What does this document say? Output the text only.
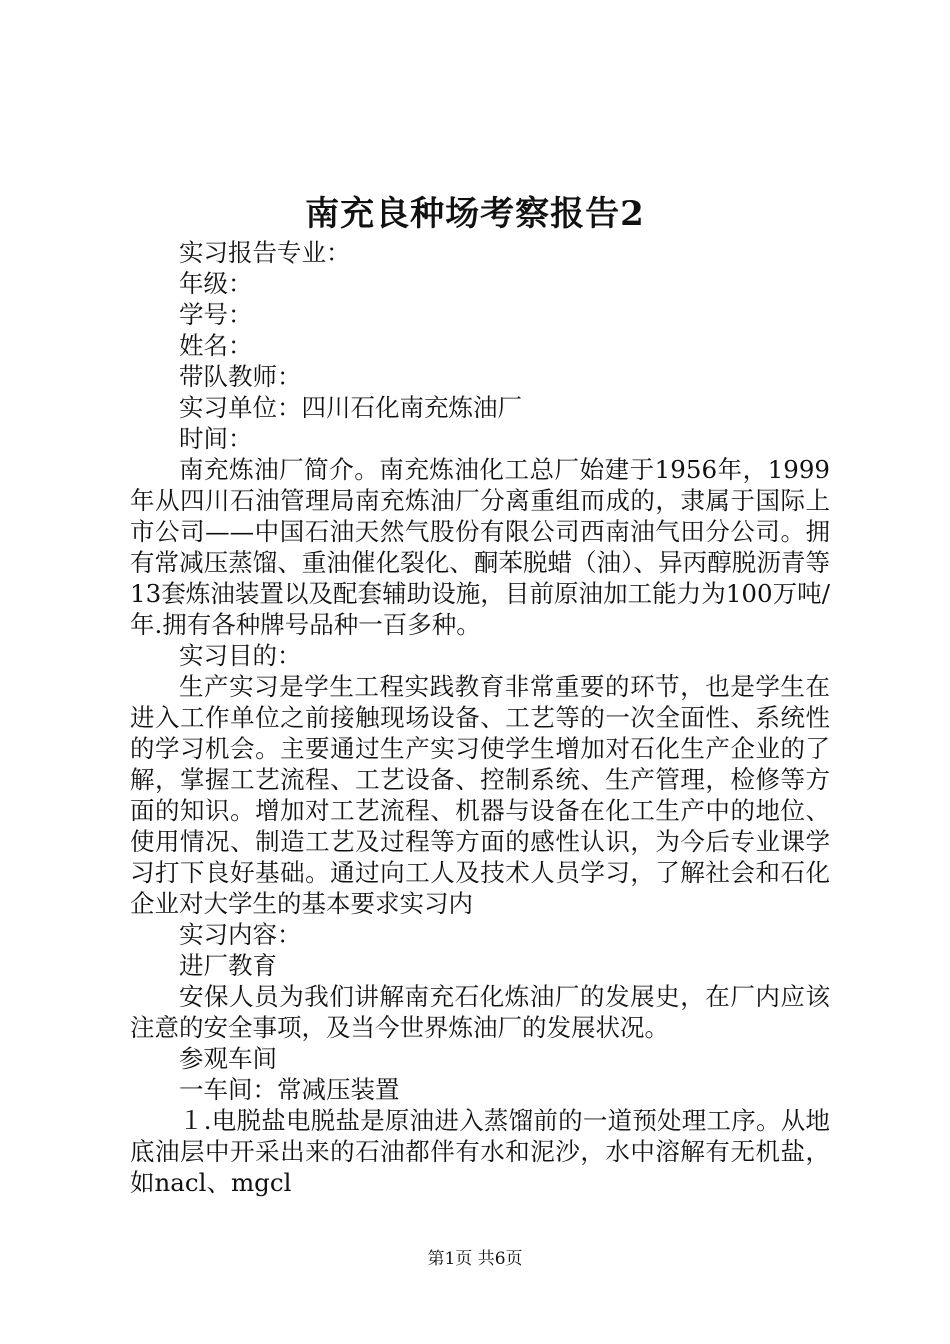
南充良种场考察报告2

实习报告专业：

年级：

学号：

姓名：

带队教师：

实习单位：四川石化南充炼油厂

时间：

南充炼油厂简介。南充炼油化工总厂始建于1956年，1999年从四川石油管理局南充炼油厂分离重组而成的，隶属于国际上市公司——中国石油天然气股份有限公司西南油气田分公司。拥有常减压蒸馏、重油催化裂化、酮苯脱蜡（油）、异丙醇脱沥青等13套炼油装置以及配套辅助设施，目前原油加工能力为100万吨/年.拥有各种牌号品种一百多种。

实习目的：

生产实习是学生工程实践教育非常重要的环节，也是学生在进入工作单位之前接触现场设备、工艺等的一次全面性、系统性的学习机会。主要通过生产实习使学生增加对石化生产企业的了解，掌握工艺流程、工艺设备、控制系统、生产管理，检修等方面的知识。增加对工艺流程、机器与设备在化工生产中的地位、使用情况、制造工艺及过程等方面的感性认识，为今后专业课学习打下良好基础。通过向工人及技术人员学习，了解社会和石化企业对大学生的基本要求实习内

实习内容：

进厂教育

安保人员为我们讲解南充石化炼油厂的发展史，在厂内应该注意的安全事项，及当今世界炼油厂的发展状况。

参观车间

一车间：常减压装置

１.电脱盐电脱盐是原油进入蒸馏前的一道预处理工序。从地底油层中开采出来的石油都伴有水和泥沙，水中溶解有无机盐，如nacl、mgcl

第1页 共6页
